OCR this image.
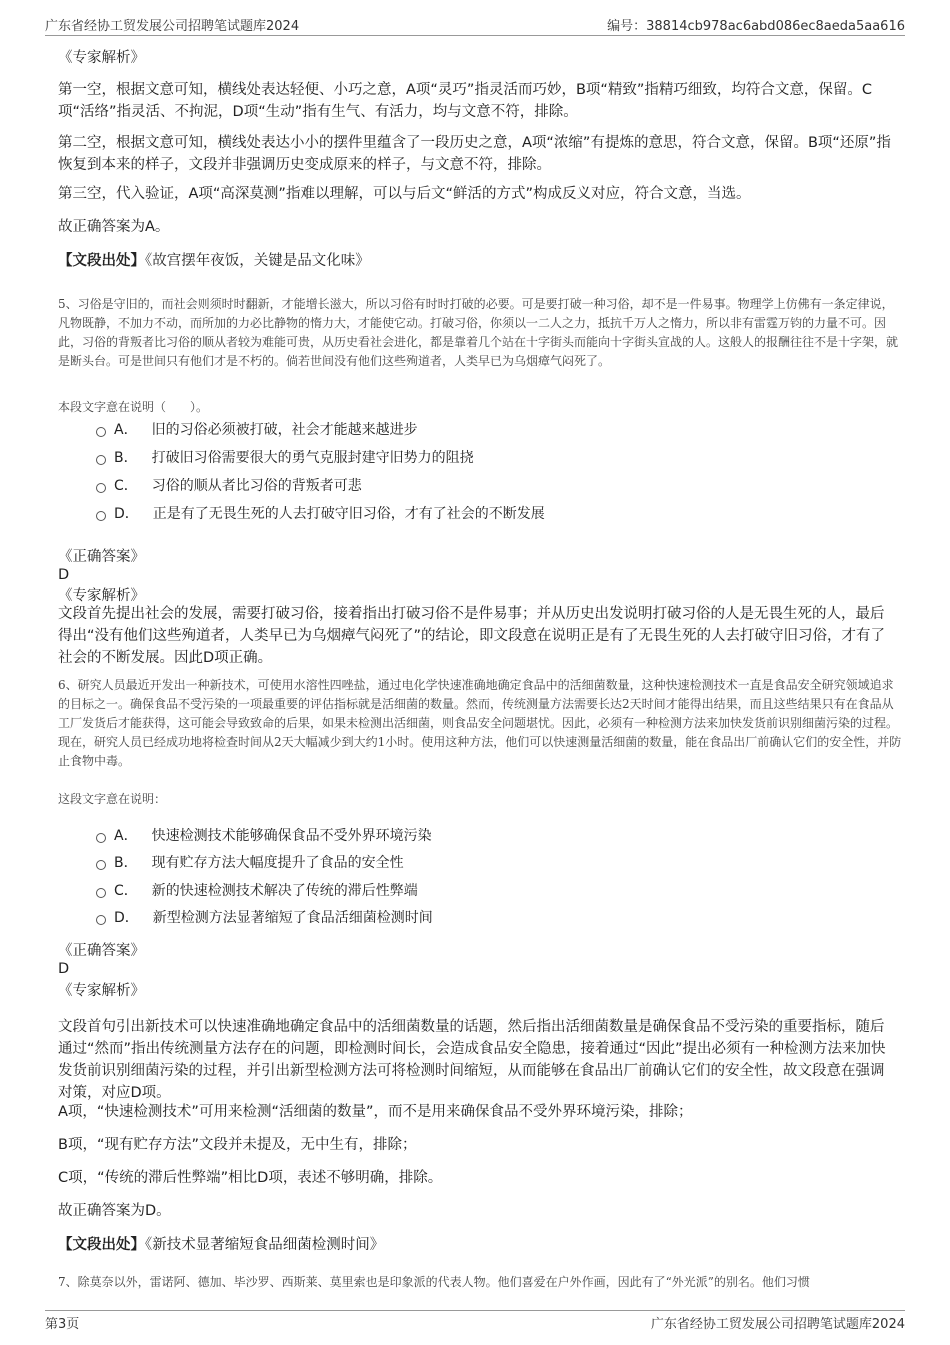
广东省经协工贸发展公司招聘笔试题库2024	编号：38814cb978ac6abd086ec8aeda5aa616
《专家解析》
第一空，根据文意可知，横线处表达轻便、小巧之意，A项“灵巧”指灵活而巧妙，B项“精致”指精巧细致，均符合文意，保留。C项“活络”指灵活、不拘泥，D项“生动”指有生气、有活力，均与文意不符，排除。
第二空，根据文意可知，横线处表达小小的摆件里蕴含了一段历史之意，A项“浓缩”有提炼的意思，符合文意，保留。B项“还原”指恢复到本来的样子，文段并非强调历史变成原来的样子，与文意不符，排除。
第三空，代入验证，A项“高深莫测”指难以理解，可以与后文“鲜活的方式”构成反义对应，符合文意，当选。
故正确答案为A。
【文段出处】《故宫摆年夜饭，关键是品文化味》
5、习俗是守旧的，而社会则须时时翻新，才能增长滋大，所以习俗有时时打破的必要。可是要打破一种习俗，却不是一件易事。物理学上仿佛有一条定律说，凡物既静，不加力不动，而所加的力必比静物的惰力大，才能使它动。打破习俗，你须以一二人之力，抵抗千万人之惰力，所以非有雷霆万钧的力量不可。因此，习俗的背叛者比习俗的顺从者较为难能可贵，从历史看社会进化，都是靠着几个站在十字街头而能向十字街头宣战的人。这般人的报酬往往不是十字架，就是断头台。可是世间只有他们才是不朽的。倘若世间没有他们这些殉道者，人类早已为乌烟瘴气闷死了。
本段文字意在说明（　　）。
A． 旧的习俗必须被打破，社会才能越来越进步
B． 打破旧习俗需要很大的勇气克服封建守旧势力的阻挠
C． 习俗的顺从者比习俗的背叛者可悲
D． 正是有了无畏生死的人去打破守旧习俗，才有了社会的不断发展
《正确答案》
D
《专家解析》
文段首先提出社会的发展，需要打破习俗，接着指出打破习俗不是件易事；并从历史出发说明打破习俗的人是无畏生死的人，最后得出“没有他们这些殉道者，人类早已为乌烟瘴气闷死了”的结论，即文段意在说明正是有了无畏生死的人去打破守旧习俗，才有了社会的不断发展。因此D项正确。
6、研究人员最近开发出一种新技术，可使用水溶性四唑盐，通过电化学快速准确地确定食品中的活细菌数量，这种快速检测技术一直是食品安全研究领域追求的目标之一。确保食品不受污染的一项最重要的评估指标就是活细菌的数量。然而，传统测量方法需要长达2天时间才能得出结果，而且这些结果只有在食品从工厂发货后才能获得，这可能会导致致命的后果，如果未检测出活细菌，则食品安全问题堪忧。因此，必须有一种检测方法来加快发货前识别细菌污染的过程。现在，研究人员已经成功地将检查时间从2天大幅减少到大约1小时。使用这种方法，他们可以快速测量活细菌的数量，能在食品出厂前确认它们的安全性，并防止食物中毒。
这段文字意在说明：
A． 快速检测技术能够确保食品不受外界环境污染
B． 现有贮存方法大幅度提升了食品的安全性
C． 新的快速检测技术解决了传统的滞后性弊端
D． 新型检测方法显著缩短了食品活细菌检测时间
《正确答案》
D
《专家解析》
文段首句引出新技术可以快速准确地确定食品中的活细菌数量的话题，然后指出活细菌数量是确保食品不受污染的重要指标，随后通过“然而”指出传统测量方法存在的问题，即检测时间长，会造成食品安全隐患，接着通过“因此”提出必须有一种检测方法来加快发货前识别细菌污染的过程，并引出新型检测方法可将检测时间缩短，从而能够在食品出厂前确认它们的安全性，故文段意在强调对策，对应D项。
A项，“快速检测技术”可用来检测“活细菌的数量”，而不是用来确保食品不受外界环境污染，排除；
B项，“现有贮存方法”文段并未提及，无中生有，排除；
C项，“传统的滞后性弊端”相比D项，表述不够明确，排除。
故正确答案为D。
【文段出处】《新技术显著缩短食品细菌检测时间》
7、除莫奈以外，雷诺阿、德加、毕沙罗、西斯莱、莫里索也是印象派的代表人物。他们喜爱在户外作画，因此有了“外光派”的别名。他们习惯
第3页	广东省经协工贸发展公司招聘笔试题库2024
